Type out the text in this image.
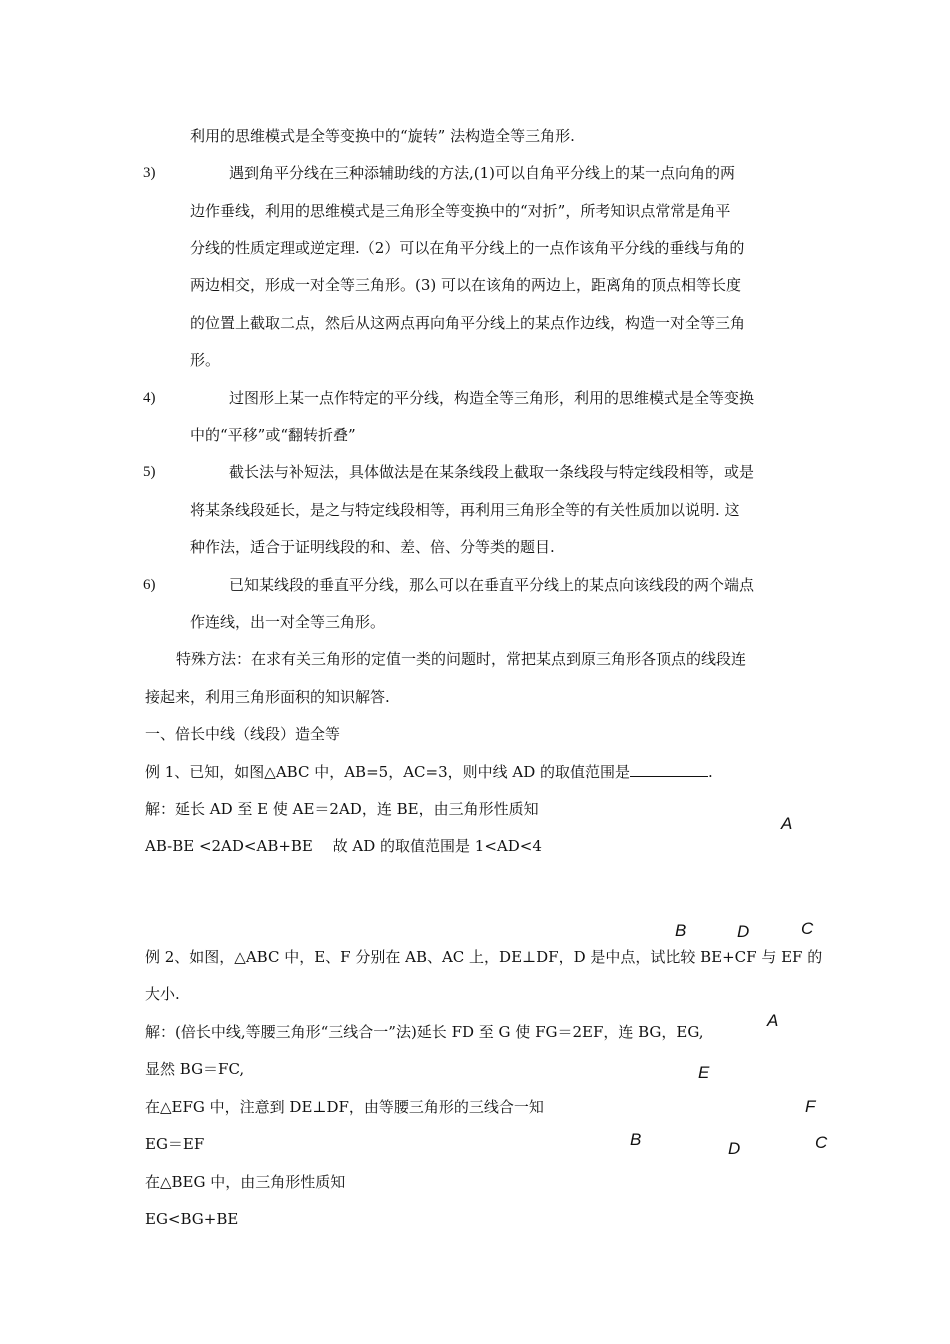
利用的思维模式是全等变换中的“旋转” 法构造全等三角形.
3)	遇到角平分线在三种添辅助线的方法,(1)可以自角平分线上的某一点向角的两
边作垂线，利用的思维模式是三角形全等变换中的“对折”，所考知识点常常是角平
分线的性质定理或逆定理.（2）可以在角平分线上的一点作该角平分线的垂线与角的
两边相交，形成一对全等三角形。(3) 可以在该角的两边上，距离角的顶点相等长度
的位置上截取二点，然后从这两点再向角平分线上的某点作边线，构造一对全等三角
形。
4)	过图形上某一点作特定的平分线，构造全等三角形，利用的思维模式是全等变换
中的“平移”或“翻转折叠”
5)	截长法与补短法，具体做法是在某条线段上截取一条线段与特定线段相等，或是
将某条线段延长，是之与特定线段相等，再利用三角形全等的有关性质加以说明. 这
种作法，适合于证明线段的和、差、倍、分等类的题目.
6)	已知某线段的垂直平分线，那么可以在垂直平分线上的某点向该线段的两个端点
作连线，出一对全等三角形。
特殊方法：在求有关三角形的定值一类的问题时，常把某点到原三角形各顶点的线段连
接起来，利用三角形面积的知识解答.
一、倍长中线（线段）造全等
例 1、已知，如图△ABC 中，AB=5，AC=3，则中线 AD 的取值范围是	.
解：延长 AD 至 E 使 AE＝2AD，连 BE，由三角形性质知
AB-BE <2AD<AB+BE　 故 AD 的取值范围是 1<AD<4
A
B	D	C
例 2、如图，△ABC 中，E、F 分别在 AB、AC 上，DE⊥DF，D 是中点，试比较 BE+CF 与 EF 的
大小.
解：(倍长中线,等腰三角形“三线合一”法)延长 FD 至 G 使 FG＝2EF，连 BG，EG,
显然 BG＝FC,
在△EFG 中，注意到 DE⊥DF，由等腰三角形的三线合一知
EG＝EF
在△BEG 中，由三角形性质知
EG<BG+BE
A
E
F
B	D	C
